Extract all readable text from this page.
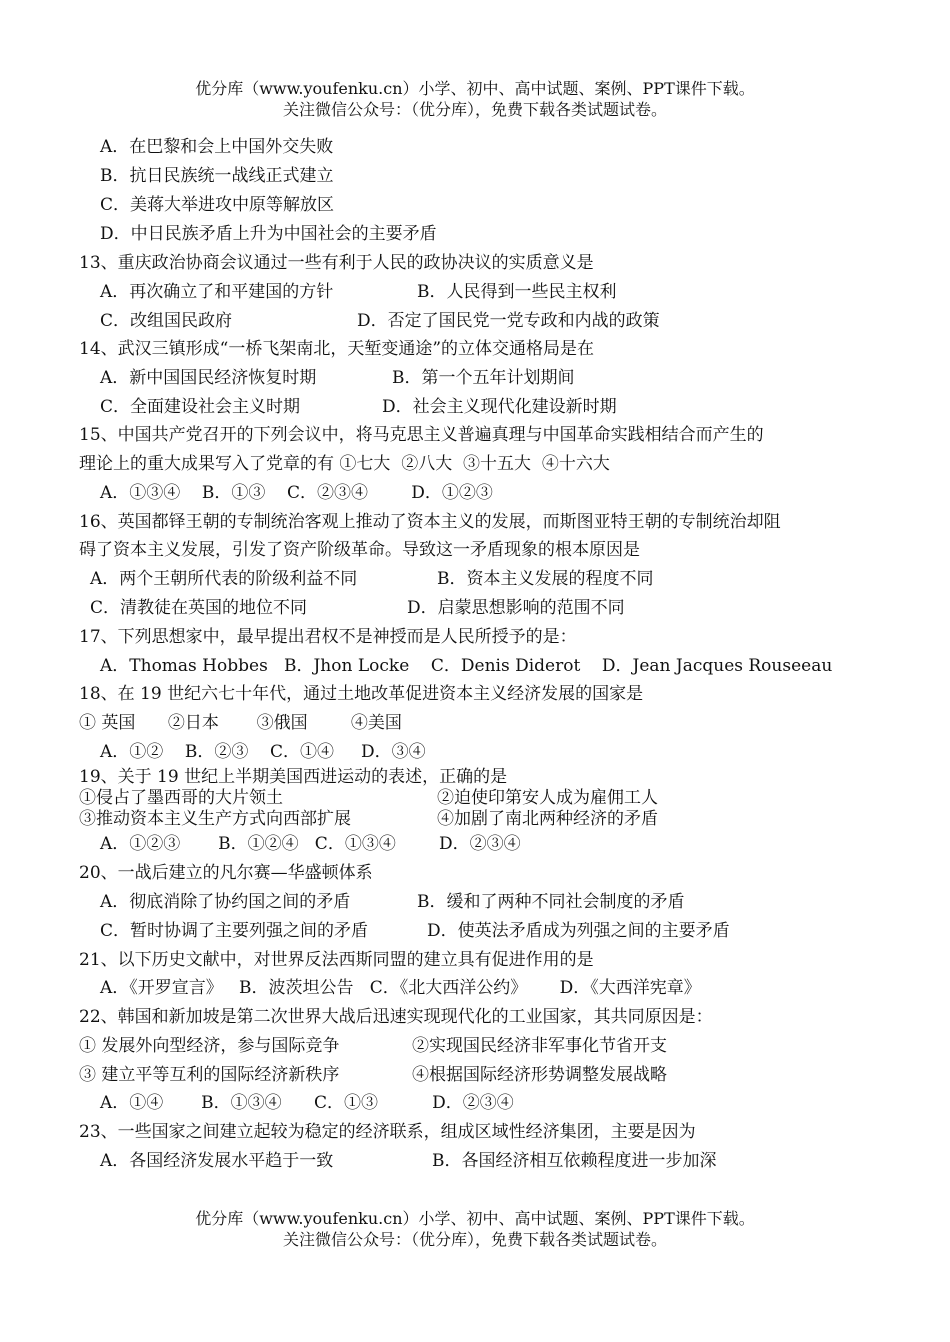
优分库（www.youfenku.cn）小学、初中、高中试题、案例、PPT课件下载。
关注微信公众号：（优分库），免费下载各类试题试卷。
A．在巴黎和会上中国外交失败
B．抗日民族统一战线正式建立
C．美蒋大举进攻中原等解放区
D．中日民族矛盾上升为中国社会的主要矛盾
13、重庆政治协商会议通过一些有利于人民的政协决议的实质意义是
A．再次确立了和平建国的方针	B．人民得到一些民主权利
C．改组国民政府	D．否定了国民党一党专政和内战的政策
14、武汉三镇形成“一桥飞架南北，天堑变通途”的立体交通格局是在
A．新中国国民经济恢复时期	B．第一个五年计划期间
C．全面建设社会主义时期	D．社会主义现代化建设新时期
15、中国共产党召开的下列会议中，将马克思主义普遍真理与中国革命实践相结合而产生的
理论上的重大成果写入了党章的有 ①七大  ②八大  ③十五大  ④十六大
A．①③④    B．①③    C．②③④        D．①②③
16、英国都铎王朝的专制统治客观上推动了资本主义的发展，而斯图亚特王朝的专制统治却阻
碍了资本主义发展，引发了资产阶级革命。导致这一矛盾现象的根本原因是
A．两个王朝所代表的阶级利益不同	B．资本主义发展的程度不同
C．清教徒在英国的地位不同	D．启蒙思想影响的范围不同
17、下列思想家中，最早提出君权不是神授而是人民所授予的是：
A．Thomas Hobbes   B．Jhon Locke    C．Denis Diderot    D．Jean Jacques Rouseeau
18、在 19 世纪六七十年代，通过土地改革促进资本主义经济发展的国家是
① 英国      ②日本       ③俄国        ④美国
A．①②    B．②③    C．①④     D．③④
19、关于 19 世纪上半期美国西进运动的表述，正确的是
①侵占了墨西哥的大片领土	②迫使印第安人成为雇佣工人
③推动资本主义生产方式向西部扩展	④加剧了南北两种经济的矛盾
A．①②③       B．①②④   C．①③④        D．②③④
20、一战后建立的凡尔赛—华盛顿体系
A．彻底消除了协约国之间的矛盾	B．缓和了两种不同社会制度的矛盾
C．暂时协调了主要列强之间的矛盾	D．使英法矛盾成为列强之间的主要矛盾
21、以下历史文献中，对世界反法西斯同盟的建立具有促进作用的是
A．《开罗宣言》   B．波茨坦公告   C．《北大西洋公约》      D．《大西洋宪章》
22、韩国和新加坡是第二次世界大战后迅速实现现代化的工业国家，其共同原因是：
① 发展外向型经济，参与国际竞争	②实现国民经济非军事化节省开支
③ 建立平等互利的国际经济新秩序	④根据国际经济形势调整发展战略
A．①④       B．①③④      C．①③          D．②③④
23、一些国家之间建立起较为稳定的经济联系，组成区域性经济集团，主要是因为
A．各国经济发展水平趋于一致	B．各国经济相互依赖程度进一步加深
优分库（www.youfenku.cn）小学、初中、高中试题、案例、PPT课件下载。
关注微信公众号：（优分库），免费下载各类试题试卷。
